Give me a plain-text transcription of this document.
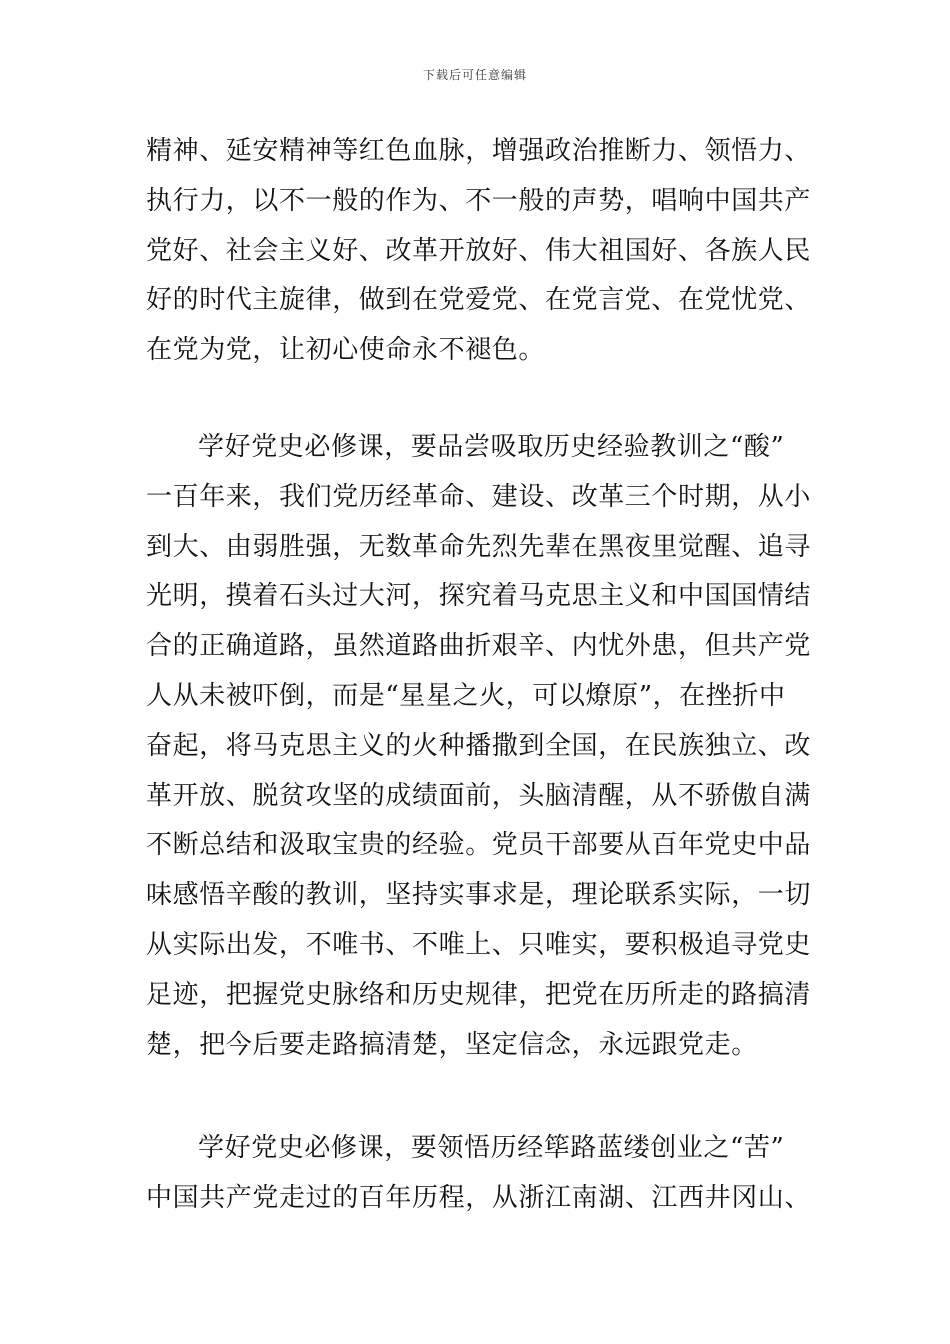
下载后可任意编辑
精神、延安精神等红色血脉，增强政治推断力、领悟力、
执行力，以不一般的作为、不一般的声势，唱响中国共产
党好、社会主义好、改革开放好、伟大祖国好、各族人民
好的时代主旋律，做到在党爱党、在党言党、在党忧党、
在党为党，让初心使命永不褪色。
学好党史必修课，要品尝吸取历史经验教训之“酸”
一百年来，我们党历经革命、建设、改革三个时期，从小
到大、由弱胜强，无数革命先烈先辈在黑夜里觉醒、追寻
光明，摸着石头过大河，探究着马克思主义和中国国情结
合的正确道路，虽然道路曲折艰辛、内忧外患，但共产党
人从未被吓倒，而是“星星之火，可以燎原”，在挫折中
奋起，将马克思主义的火种播撒到全国，在民族独立、改
革开放、脱贫攻坚的成绩面前，头脑清醒，从不骄傲自满
不断总结和汲取宝贵的经验。党员干部要从百年党史中品
味感悟辛酸的教训，坚持实事求是，理论联系实际，一切
从实际出发，不唯书、不唯上、只唯实，要积极追寻党史
足迹，把握党史脉络和历史规律，把党在历所走的路搞清
楚，把今后要走路搞清楚，坚定信念，永远跟党走。
学好党史必修课，要领悟历经筚路蓝缕创业之“苦”
中国共产党走过的百年历程，从浙江南湖、江西井冈山、
